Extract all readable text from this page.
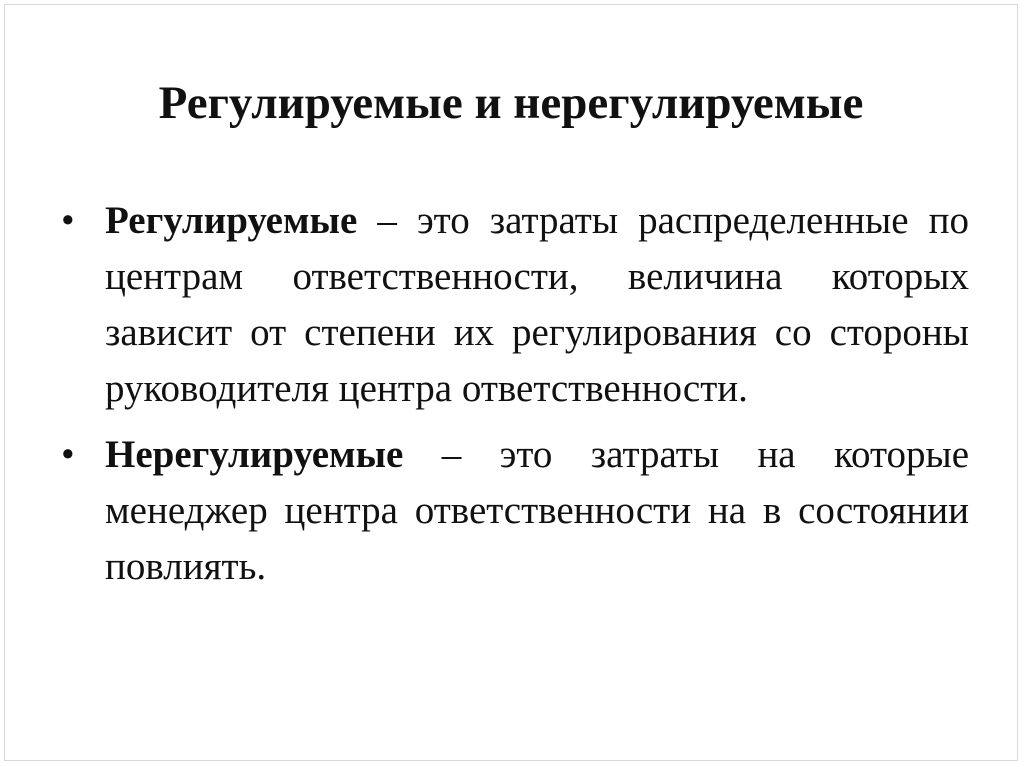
Регулируемые и нерегулируемые
• Регулируемые – это затраты распределенные по центрам ответственности, величина которых зависит от степени их регулирования со стороны руководителя центра ответственности.
• Нерегулируемые – это затраты на которые менеджер центра ответственности на в состоянии повлиять.
